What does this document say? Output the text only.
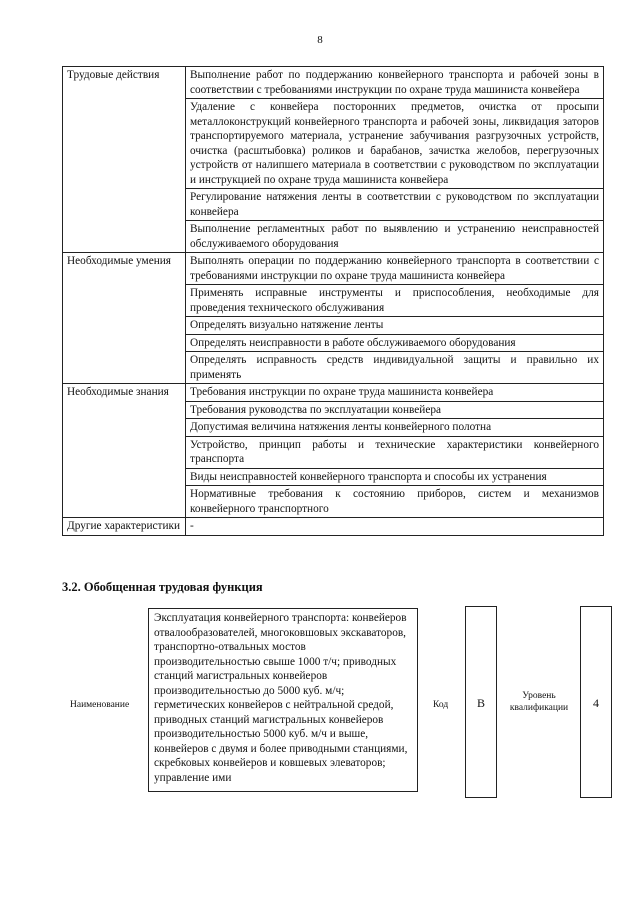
8
Трудовые действия	Выполнение работ по поддержанию конвейерного транспорта и рабочей зоны в соответствии с требованиями инструкции по охране труда машиниста конвейера
	Удаление с конвейера посторонних предметов, очистка от просыпи металлоконструкций конвейерного транспорта и рабочей зоны, ликвидация заторов транспортируемого материала, устранение забучивания разгрузочных устройств, очистка (расштыбовка) роликов и барабанов, зачистка желобов, перегрузочных устройств от налипшего материала в соответствии с руководством по эксплуатации и инструкцией по охране труда машиниста конвейера
	Регулирование натяжения ленты в соответствии с руководством по эксплуатации конвейера
	Выполнение регламентных работ по выявлению и устранению неисправностей обслуживаемого оборудования
Необходимые умения	Выполнять операции по поддержанию конвейерного транспорта в соответствии с требованиями инструкции по охране труда машиниста конвейера
	Применять исправные инструменты и приспособления, необходимые для проведения технического обслуживания
	Определять визуально натяжение ленты
	Определять неисправности в работе обслуживаемого оборудования
	Определять исправность средств индивидуальной защиты и правильно их применять
Необходимые знания	Требования инструкции по охране труда машиниста конвейера
	Требования руководства по эксплуатации конвейера
	Допустимая величина натяжения ленты конвейерного полотна
	Устройство, принцип работы и технические характеристики конвейерного транспорта
	Виды неисправностей конвейерного транспорта и способы их устранения
	Нормативные требования к состоянию приборов, систем и механизмов конвейерного транспортного
Другие характеристики	-
3.2. Обобщенная трудовая функция
Наименование
Эксплуатация конвейерного транспорта: конвейеров отвалообразователей, многоковшовых экскаваторов, транспортно-отвальных мостов производительностью свыше 1000 т/ч; приводных станций магистральных конвейеров производительностью до 5000 куб. м/ч; герметических конвейеров с нейтральной средой, приводных станций магистральных конвейеров производительностью 5000 куб. м/ч и выше, конвейеров с двумя и более приводными станциями, скребковых конвейеров и ковшевых элеваторов; управление ими
Код	B	Уровень квалификации	4
